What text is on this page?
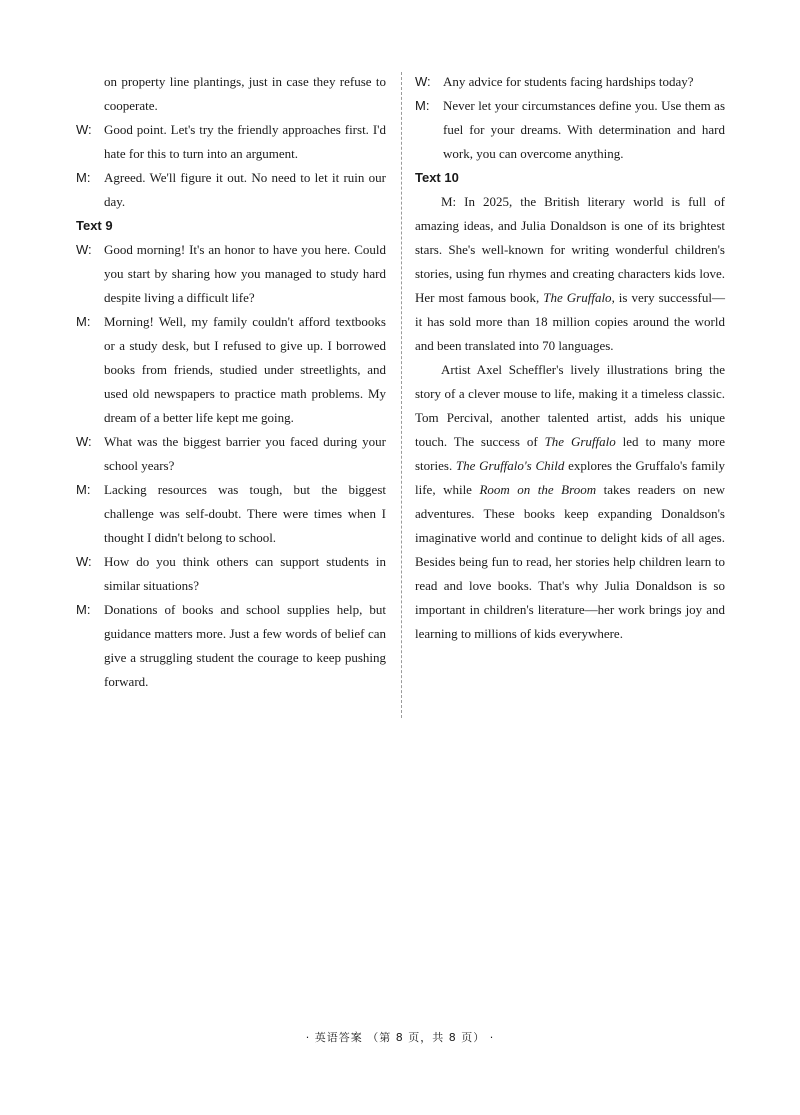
on property line plantings, just in case they refuse to cooperate.
W: Good point. Let's try the friendly approaches first. I'd hate for this to turn into an argument.
M:	Agreed. We'll figure it out. No need to let it ruin our day.
Text 9
W: Good morning! It's an honor to have you here. Could you start by sharing how you managed to study hard despite living a difficult life?
M:	Morning! Well, my family couldn't afford textbooks or a study desk, but I refused to give up. I borrowed books from friends, studied under streetlights, and used old newspapers to practice math problems. My dream of a better life kept me going.
W: What was the biggest barrier you faced during your school years?
M:	Lacking resources was tough, but the biggest challenge was self-doubt. There were times when I thought I didn't belong to school.
W: How do you think others can support students in similar situations?
M:	Donations of books and school supplies help, but guidance matters more. Just a few words of belief can give a struggling student the courage to keep pushing forward.
W: Any advice for students facing hardships today?
M:	Never let your circumstances define you. Use them as fuel for your dreams. With determination and hard work, you can overcome anything.
Text 10
M: In 2025, the British literary world is full of amazing ideas, and Julia Donaldson is one of its brightest stars. She's well-known for writing wonderful children's stories, using fun rhymes and creating characters kids love. Her most famous book, The Gruffalo, is very successful—it has sold more than 18 million copies around the world and been translated into 70 languages.
Artist Axel Scheffler's lively illustrations bring the story of a clever mouse to life, making it a timeless classic. Tom Percival, another talented artist, adds his unique touch. The success of The Gruffalo led to many more stories. The Gruffalo's Child explores the Gruffalo's family life, while Room on the Broom takes readers on new adventures. These books keep expanding Donaldson's imaginative world and continue to delight kids of all ages. Besides being fun to read, her stories help children learn to read and love books. That's why Julia Donaldson is so important in children's literature—her work brings joy and learning to millions of kids everywhere.
· 英语答案 （第 8 页，共 8 页） ·
